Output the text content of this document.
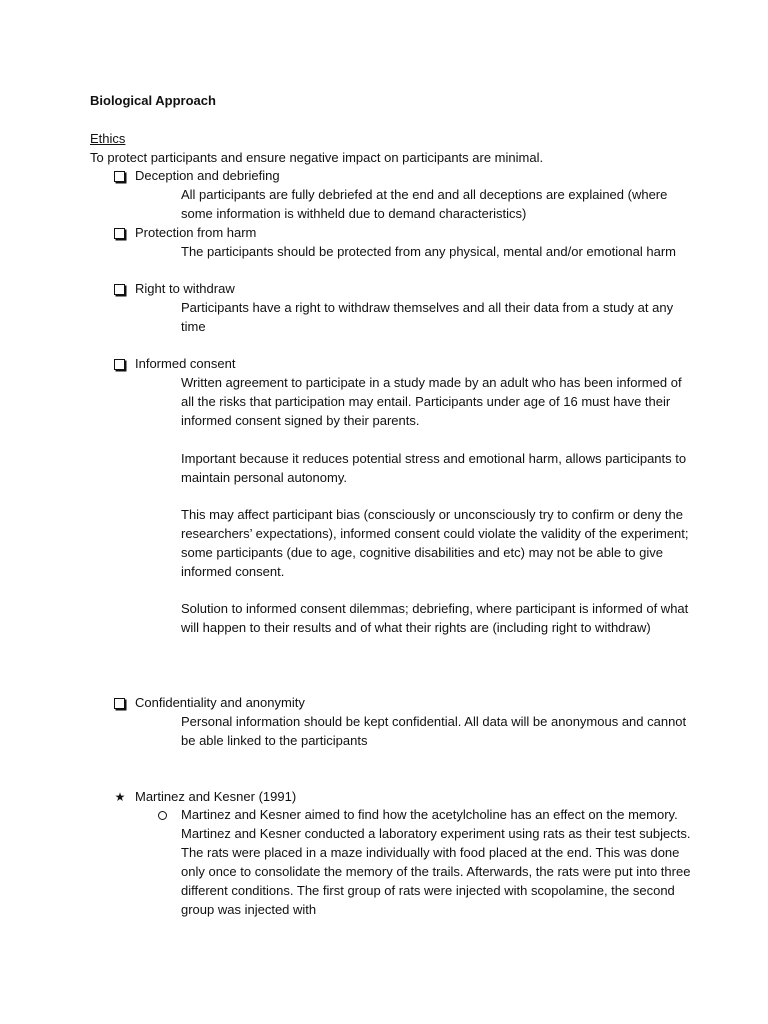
Biological Approach
Ethics
To protect participants and ensure negative impact on participants are minimal.
Deception and debriefing
All participants are fully debriefed at the end and all deceptions are explained (where some information is withheld due to demand characteristics)
Protection from harm
The participants should be protected from any physical, mental and/or emotional harm
Right to withdraw
Participants have a right to withdraw themselves and all their data from a study at any time
Informed consent
Written agreement to participate in a study made by an adult who has been informed of all the risks that participation may entail. Participants under age of 16 must have their informed consent signed by their parents.
Important because it reduces potential stress and emotional harm, allows participants to maintain personal autonomy.
This may affect participant bias (consciously or unconsciously try to confirm or deny the researchers’ expectations), informed consent could violate the validity of the experiment; some participants (due to age, cognitive disabilities and etc) may not be able to give informed consent.
Solution to informed consent dilemmas; debriefing, where participant is informed of what will happen to their results and of what their rights are (including right to withdraw)
Confidentiality and anonymity
Personal information should be kept confidential. All data will be anonymous and cannot be able linked to the participants
★ Martinez and Kesner (1991)
Martinez and Kesner aimed to find how the acetylcholine has an effect on the memory. Martinez and Kesner conducted a laboratory experiment using rats as their test subjects. The rats were placed in a maze individually with food placed at the end. This was done only once to consolidate the memory of the trails. Afterwards, the rats were put into three different conditions. The first group of rats were injected with scopolamine, the second group was injected with
